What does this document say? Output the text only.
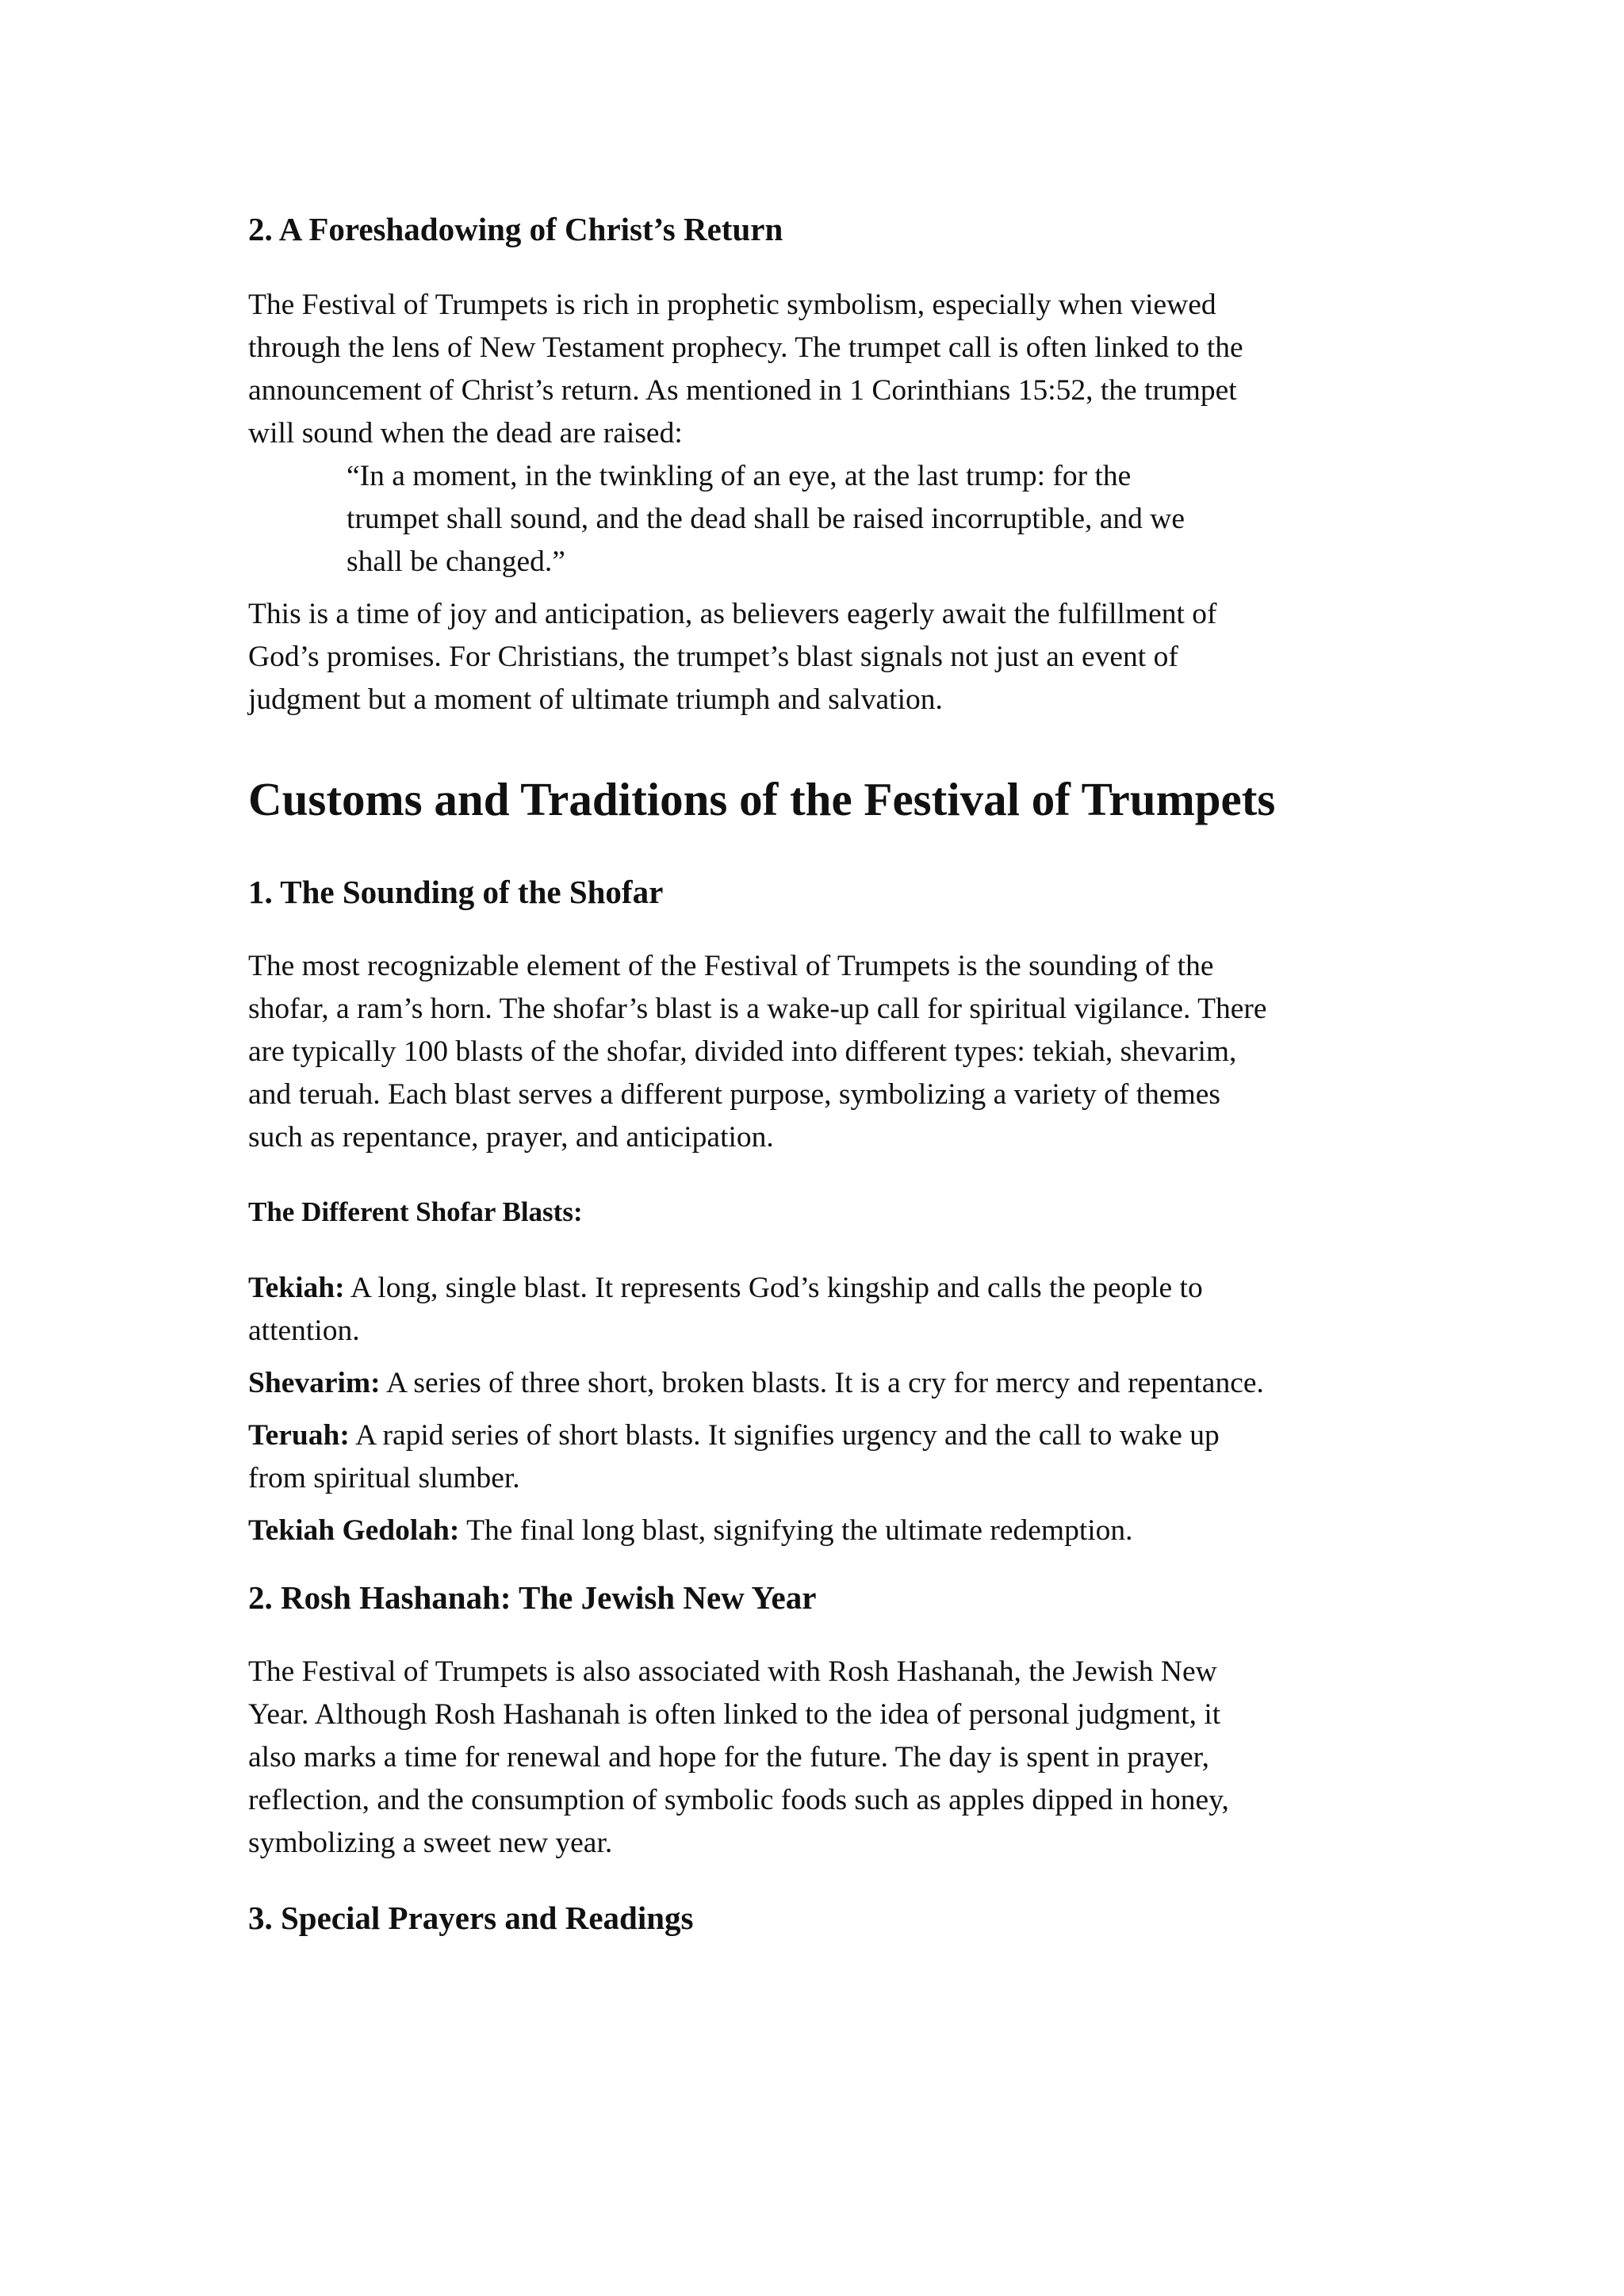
2. A Foreshadowing of Christ’s Return
The Festival of Trumpets is rich in prophetic symbolism, especially when viewed
through the lens of New Testament prophecy. The trumpet call is often linked to the
announcement of Christ’s return. As mentioned in 1 Corinthians 15:52, the trumpet
will sound when the dead are raised:
“In a moment, in the twinkling of an eye, at the last trump: for the
trumpet shall sound, and the dead shall be raised incorruptible, and we
shall be changed.”
This is a time of joy and anticipation, as believers eagerly await the fulfillment of
God’s promises. For Christians, the trumpet’s blast signals not just an event of
judgment but a moment of ultimate triumph and salvation.
Customs and Traditions of the Festival of Trumpets
1. The Sounding of the Shofar
The most recognizable element of the Festival of Trumpets is the sounding of the
shofar, a ram’s horn. The shofar’s blast is a wake-up call for spiritual vigilance. There
are typically 100 blasts of the shofar, divided into different types: tekiah, shevarim,
and teruah. Each blast serves a different purpose, symbolizing a variety of themes
such as repentance, prayer, and anticipation.
The Different Shofar Blasts:
Tekiah: A long, single blast. It represents God’s kingship and calls the people to
attention.
Shevarim: A series of three short, broken blasts. It is a cry for mercy and repentance.
Teruah: A rapid series of short blasts. It signifies urgency and the call to wake up
from spiritual slumber.
Tekiah Gedolah: The final long blast, signifying the ultimate redemption.
2. Rosh Hashanah: The Jewish New Year
The Festival of Trumpets is also associated with Rosh Hashanah, the Jewish New
Year. Although Rosh Hashanah is often linked to the idea of personal judgment, it
also marks a time for renewal and hope for the future. The day is spent in prayer,
reflection, and the consumption of symbolic foods such as apples dipped in honey,
symbolizing a sweet new year.
3. Special Prayers and Readings
